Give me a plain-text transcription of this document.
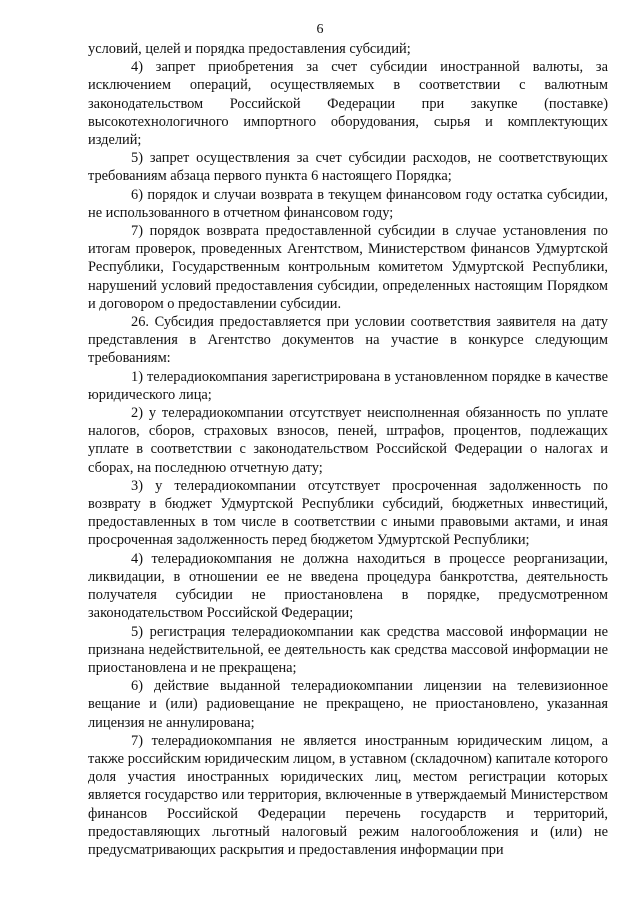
6

условий, целей и порядка предоставления субсидий;

4) запрет приобретения за счет субсидии иностранной валюты, за исключением операций, осуществляемых в соответствии с валютным законодательством Российской Федерации при закупке (поставке) высокотехнологичного импортного оборудования, сырья и комплектующих изделий;

5) запрет осуществления за счет субсидии расходов, не соответствующих требованиям абзаца первого пункта 6 настоящего Порядка;

6) порядок и случаи возврата в текущем финансовом году остатка субсидии, не использованного в отчетном финансовом году;

7) порядок возврата предоставленной субсидии в случае установления по итогам проверок, проведенных Агентством, Министерством финансов Удмуртской Республики, Государственным контрольным комитетом Удмуртской Республики, нарушений условий предоставления субсидии, определенных настоящим Порядком и договором о предоставлении субсидии.

26. Субсидия предоставляется при условии соответствия заявителя на дату представления в Агентство документов на участие в конкурсе следующим требованиям:

1) телерадиокомпания зарегистрирована в установленном порядке в качестве юридического лица;

2) у телерадиокомпании отсутствует неисполненная обязанность по уплате налогов, сборов, страховых взносов, пеней, штрафов, процентов, подлежащих уплате в соответствии с законодательством Российской Федерации о налогах и сборах, на последнюю отчетную дату;

3) у телерадиокомпании отсутствует просроченная задолженность по возврату в бюджет Удмуртской Республики субсидий, бюджетных инвестиций, предоставленных в том числе в соответствии с иными правовыми актами, и иная просроченная задолженность перед бюджетом Удмуртской Республики;

4) телерадиокомпания не должна находиться в процессе реорганизации, ликвидации, в отношении ее не введена процедура банкротства, деятельность получателя субсидии не приостановлена в порядке, предусмотренном законодательством Российской Федерации;

5) регистрация телерадиокомпании как средства массовой информации не признана недействительной, ее деятельность как средства массовой информации не приостановлена и не прекращена;

6) действие выданной телерадиокомпании лицензии на телевизионное вещание и (или) радиовещание не прекращено, не приостановлено, указанная лицензия не аннулирована;

7) телерадиокомпания не является иностранным юридическим лицом, а также российским юридическим лицом, в уставном (складочном) капитале которого доля участия иностранных юридических лиц, местом регистрации которых является государство или территория, включенные в утверждаемый Министерством финансов Российской Федерации перечень государств и территорий, предоставляющих льготный налоговый режим налогообложения и (или) не предусматривающих раскрытия и предоставления информации при
